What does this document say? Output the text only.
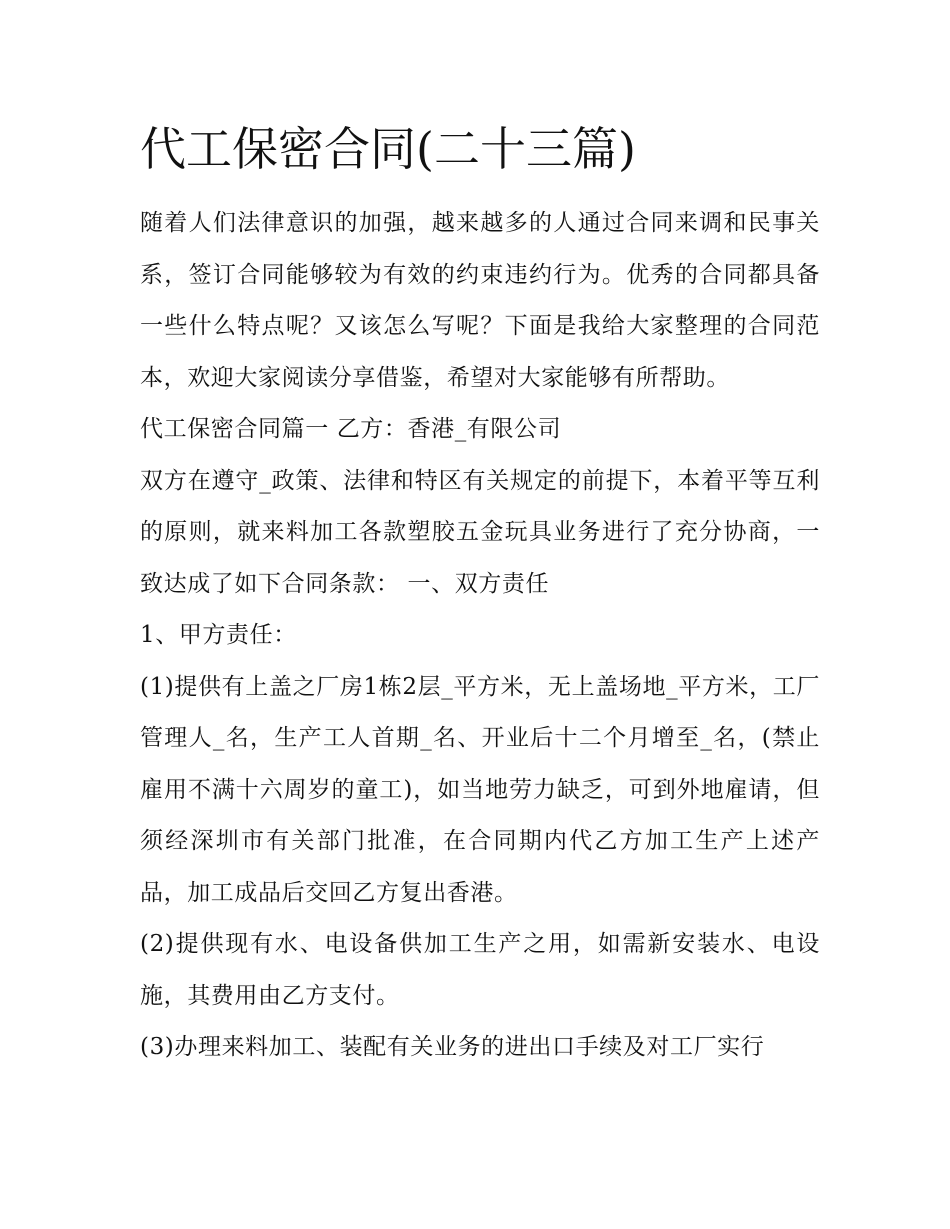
代工保密合同(二十三篇)

随着人们法律意识的加强，越来越多的人通过合同来调和民事关系，签订合同能够较为有效的约束违约行为。优秀的合同都具备一些什么特点呢？又该怎么写呢？下面是我给大家整理的合同范本，欢迎大家阅读分享借鉴，希望对大家能够有所帮助。

代工保密合同篇一 乙方：香港_有限公司

双方在遵守_政策、法律和特区有关规定的前提下，本着平等互利的原则，就来料加工各款塑胶五金玩具业务进行了充分协商，一致达成了如下合同条款： 一、双方责任

1、甲方责任：

(1)提供有上盖之厂房1栋2层_平方米，无上盖场地_平方米，工厂管理人_名，生产工人首期_名、开业后十二个月增至_名，(禁止雇用不满十六周岁的童工)，如当地劳力缺乏，可到外地雇请，但须经深圳市有关部门批准，在合同期内代乙方加工生产上述产品，加工成品后交回乙方复出香港。

(2)提供现有水、电设备供加工生产之用，如需新安装水、电设施，其费用由乙方支付。

(3)办理来料加工、装配有关业务的进出口手续及对工厂实行
